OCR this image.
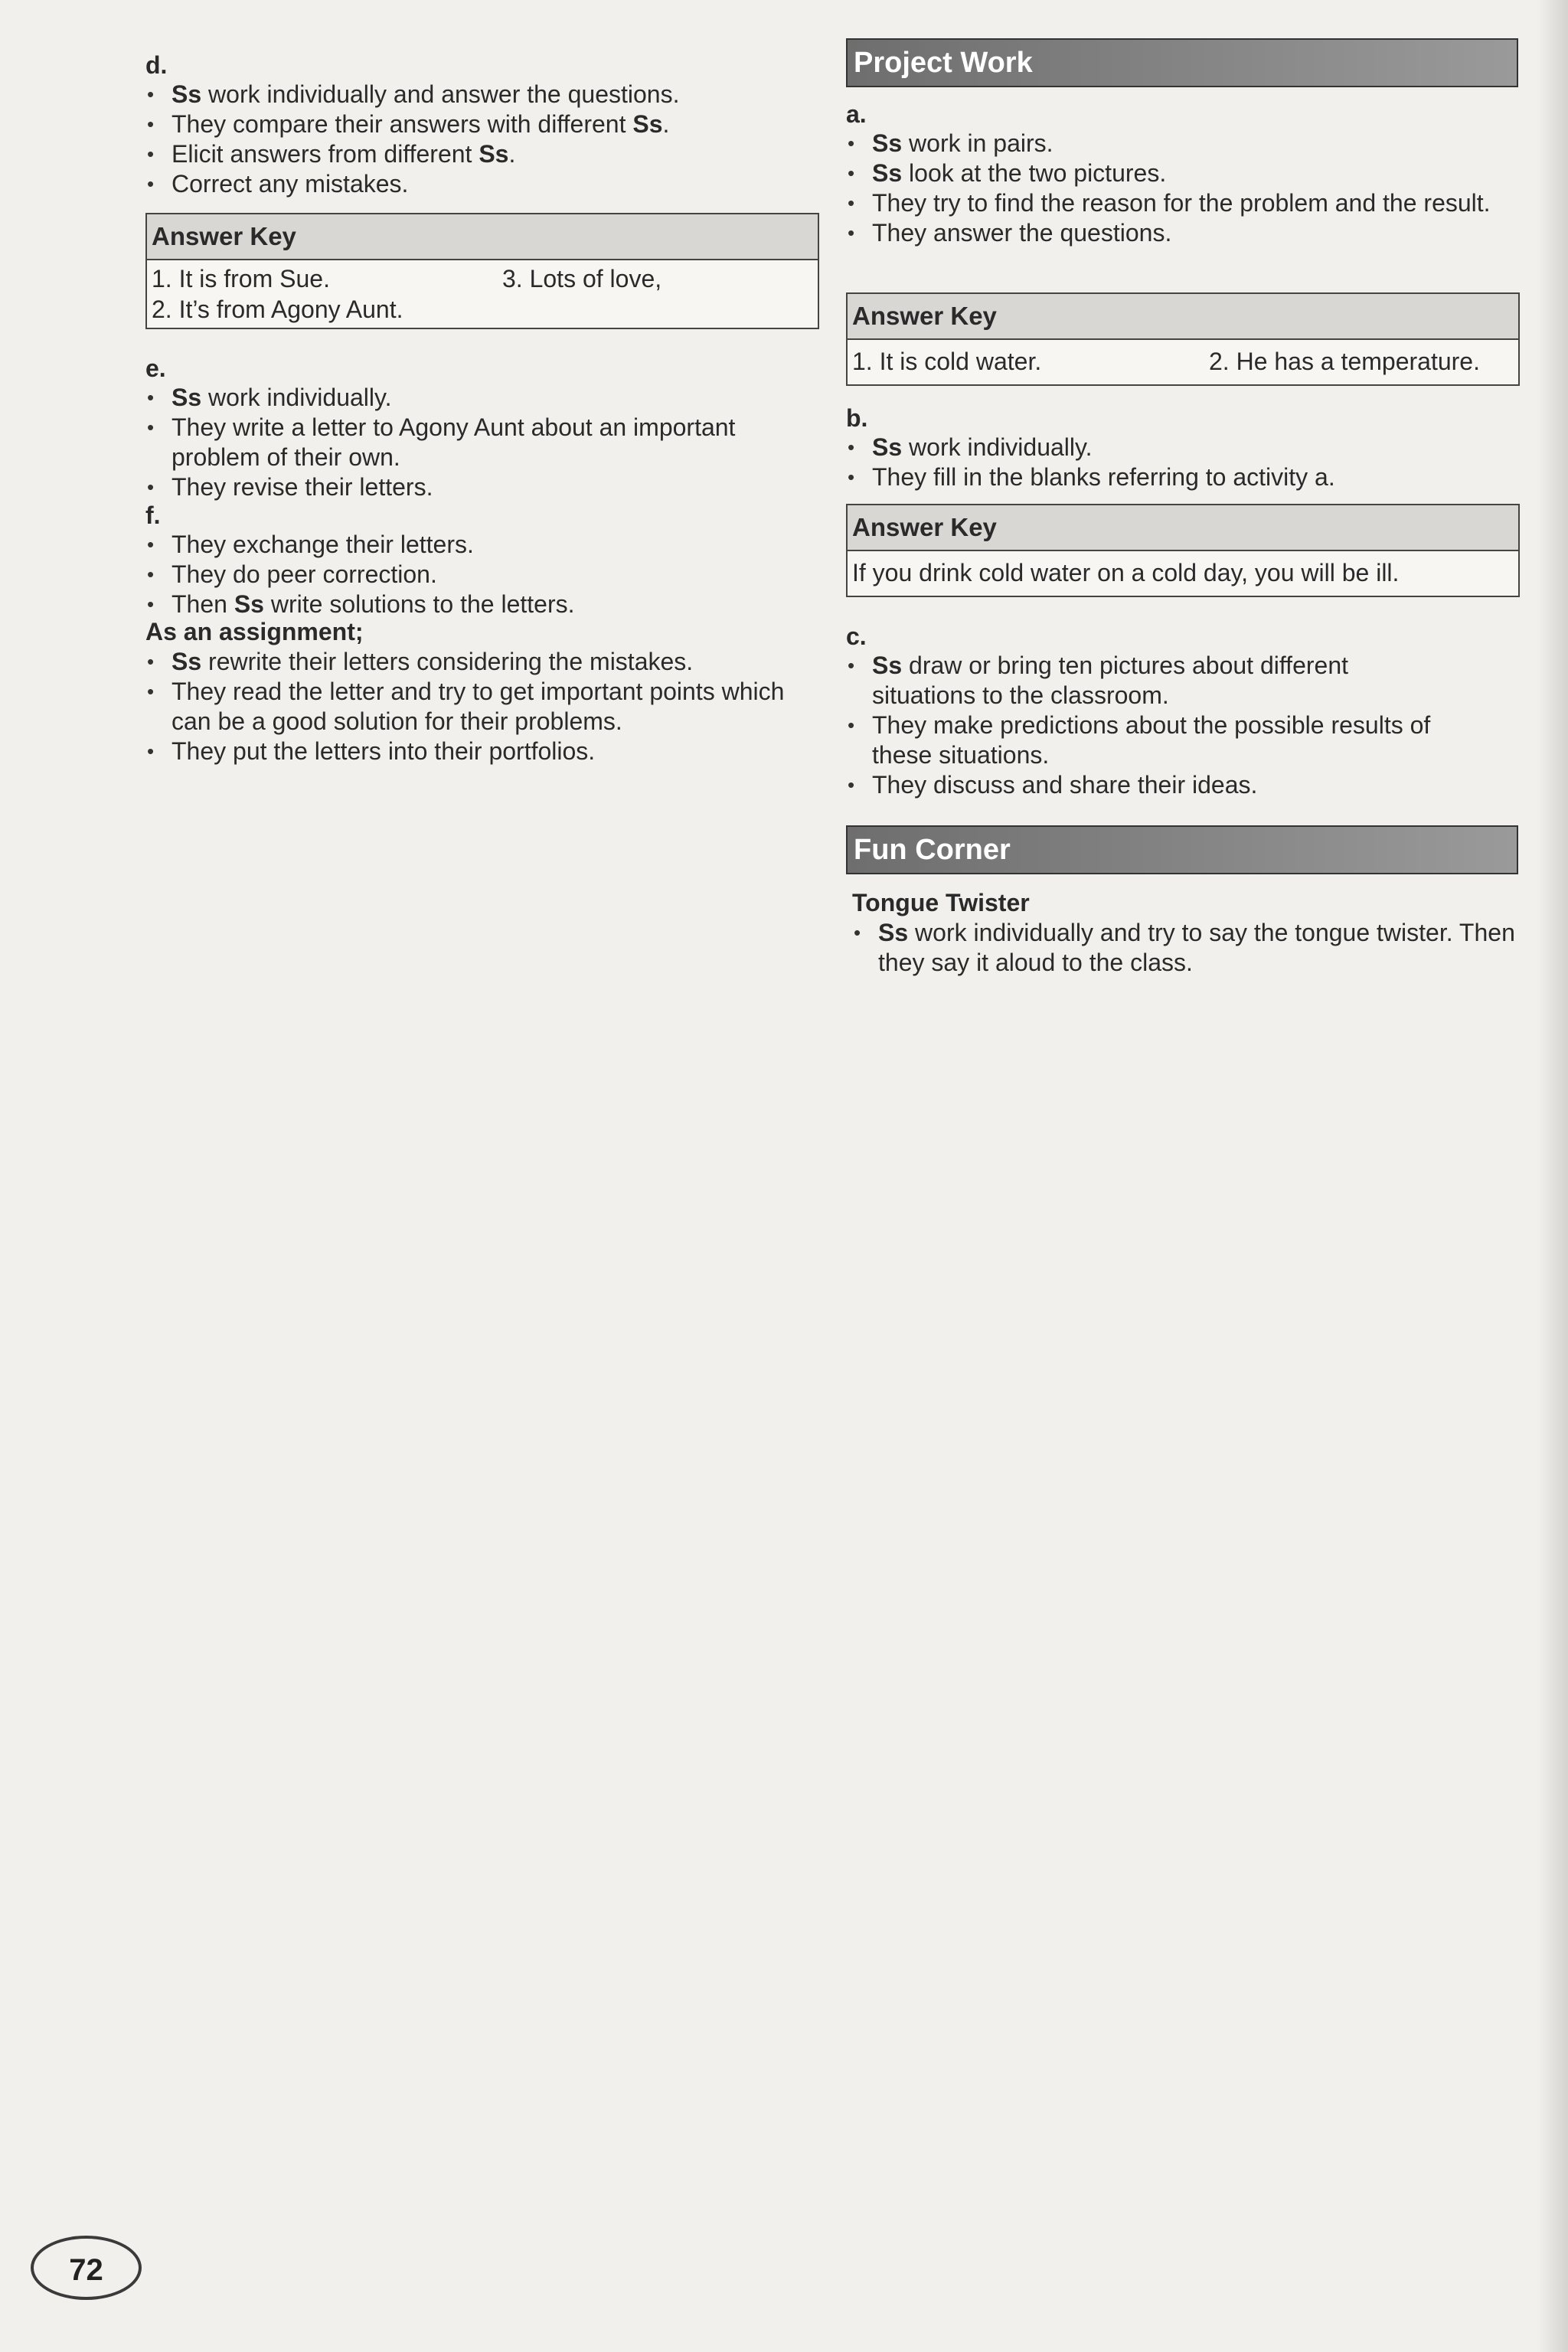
d.

• Ss work individually and answer the questions.
• They compare their answers with different Ss.
• Elicit answers from different Ss.
• Correct any mistakes.
Answer Key
1. It is from Sue.	3. Lots of love,
2. It’s from Agony Aunt.

e.

• Ss work individually.
• They write a letter to Agony Aunt about an important problem of their own.
• They revise their letters.

f.

• They exchange their letters.
• They do peer correction.
• Then Ss write solutions to the letters.

As an assignment;

• Ss rewrite their letters considering the mistakes.
• They read the letter and try to get important points which can be a good solution for their problems.
• They put the letters into their portfolios.
Project Work

a.

• Ss work in pairs.
• Ss look at the two pictures.
• They try to find the reason for the problem and the result.
• They answer the questions.
Answer Key
1. It is cold water.	2. He has a temperature.

b.

• Ss work individually.
• They fill in the blanks referring to activity a.
Answer Key
If you drink cold water on a cold day, you will be ill.

c.

• Ss draw or bring ten pictures about different situations to the classroom.
• They make predictions about the possible results of these situations.
• They discuss and share their ideas.
Fun Corner

Tongue Twister

• Ss work individually and try to say the tongue twister. Then they say it aloud to the class.
72
